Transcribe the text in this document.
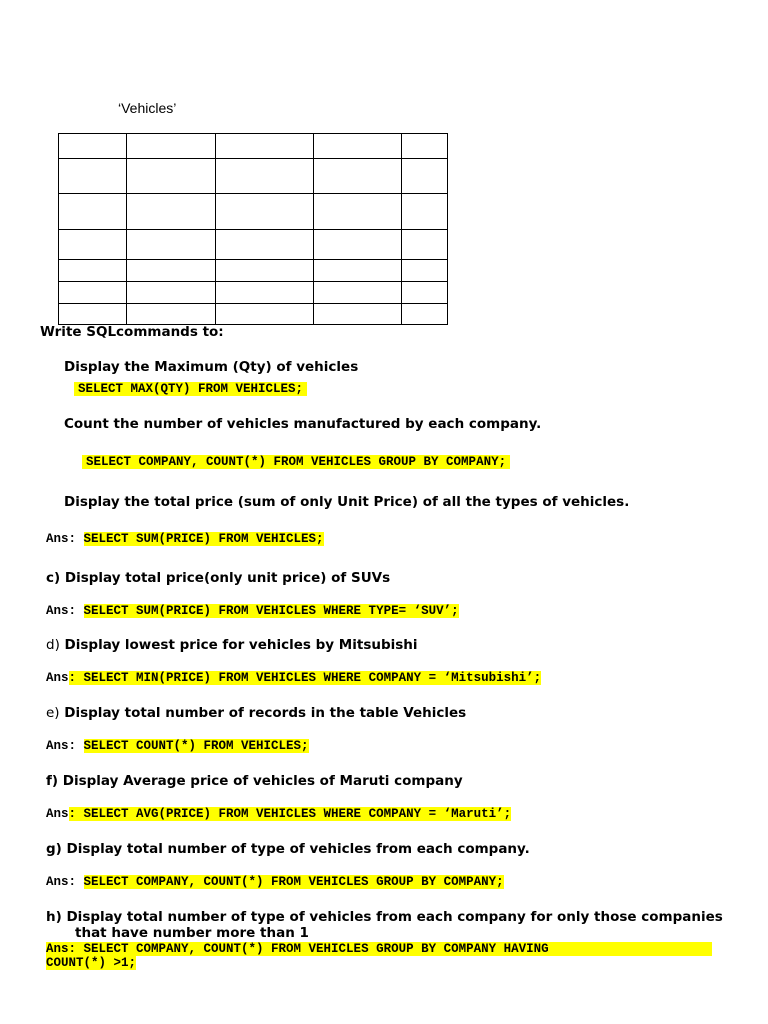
‘Vehicles’

Write SQLcommands to:
Display the Maximum (Qty) of vehicles
SELECT MAX(QTY) FROM VEHICLES;
Count the number of vehicles manufactured by each company.
SELECT COMPANY, COUNT(*) FROM VEHICLES GROUP BY COMPANY;
Display the total price (sum of only Unit Price) of all the types of vehicles.
Ans: SELECT SUM(PRICE) FROM VEHICLES;
c) Display total price(only unit price) of SUVs
Ans: SELECT SUM(PRICE) FROM VEHICLES WHERE TYPE= ‘SUV’;
d) Display lowest price for vehicles by Mitsubishi
Ans: SELECT MIN(PRICE) FROM VEHICLES WHERE COMPANY = ‘Mitsubishi’;
e) Display total number of records in the table Vehicles
Ans: SELECT COUNT(*) FROM VEHICLES;
f) Display Average price of vehicles of Maruti company
Ans: SELECT AVG(PRICE) FROM VEHICLES WHERE COMPANY = ‘Maruti’;
g) Display total number of type of vehicles from each company.
Ans: SELECT COMPANY, COUNT(*) FROM VEHICLES GROUP BY COMPANY;
h) Display total number of type of vehicles from each company for only those companies
that have number more than 1
Ans: SELECT COMPANY, COUNT(*) FROM VEHICLES GROUP BY COMPANY HAVING
COUNT(*) >1;
